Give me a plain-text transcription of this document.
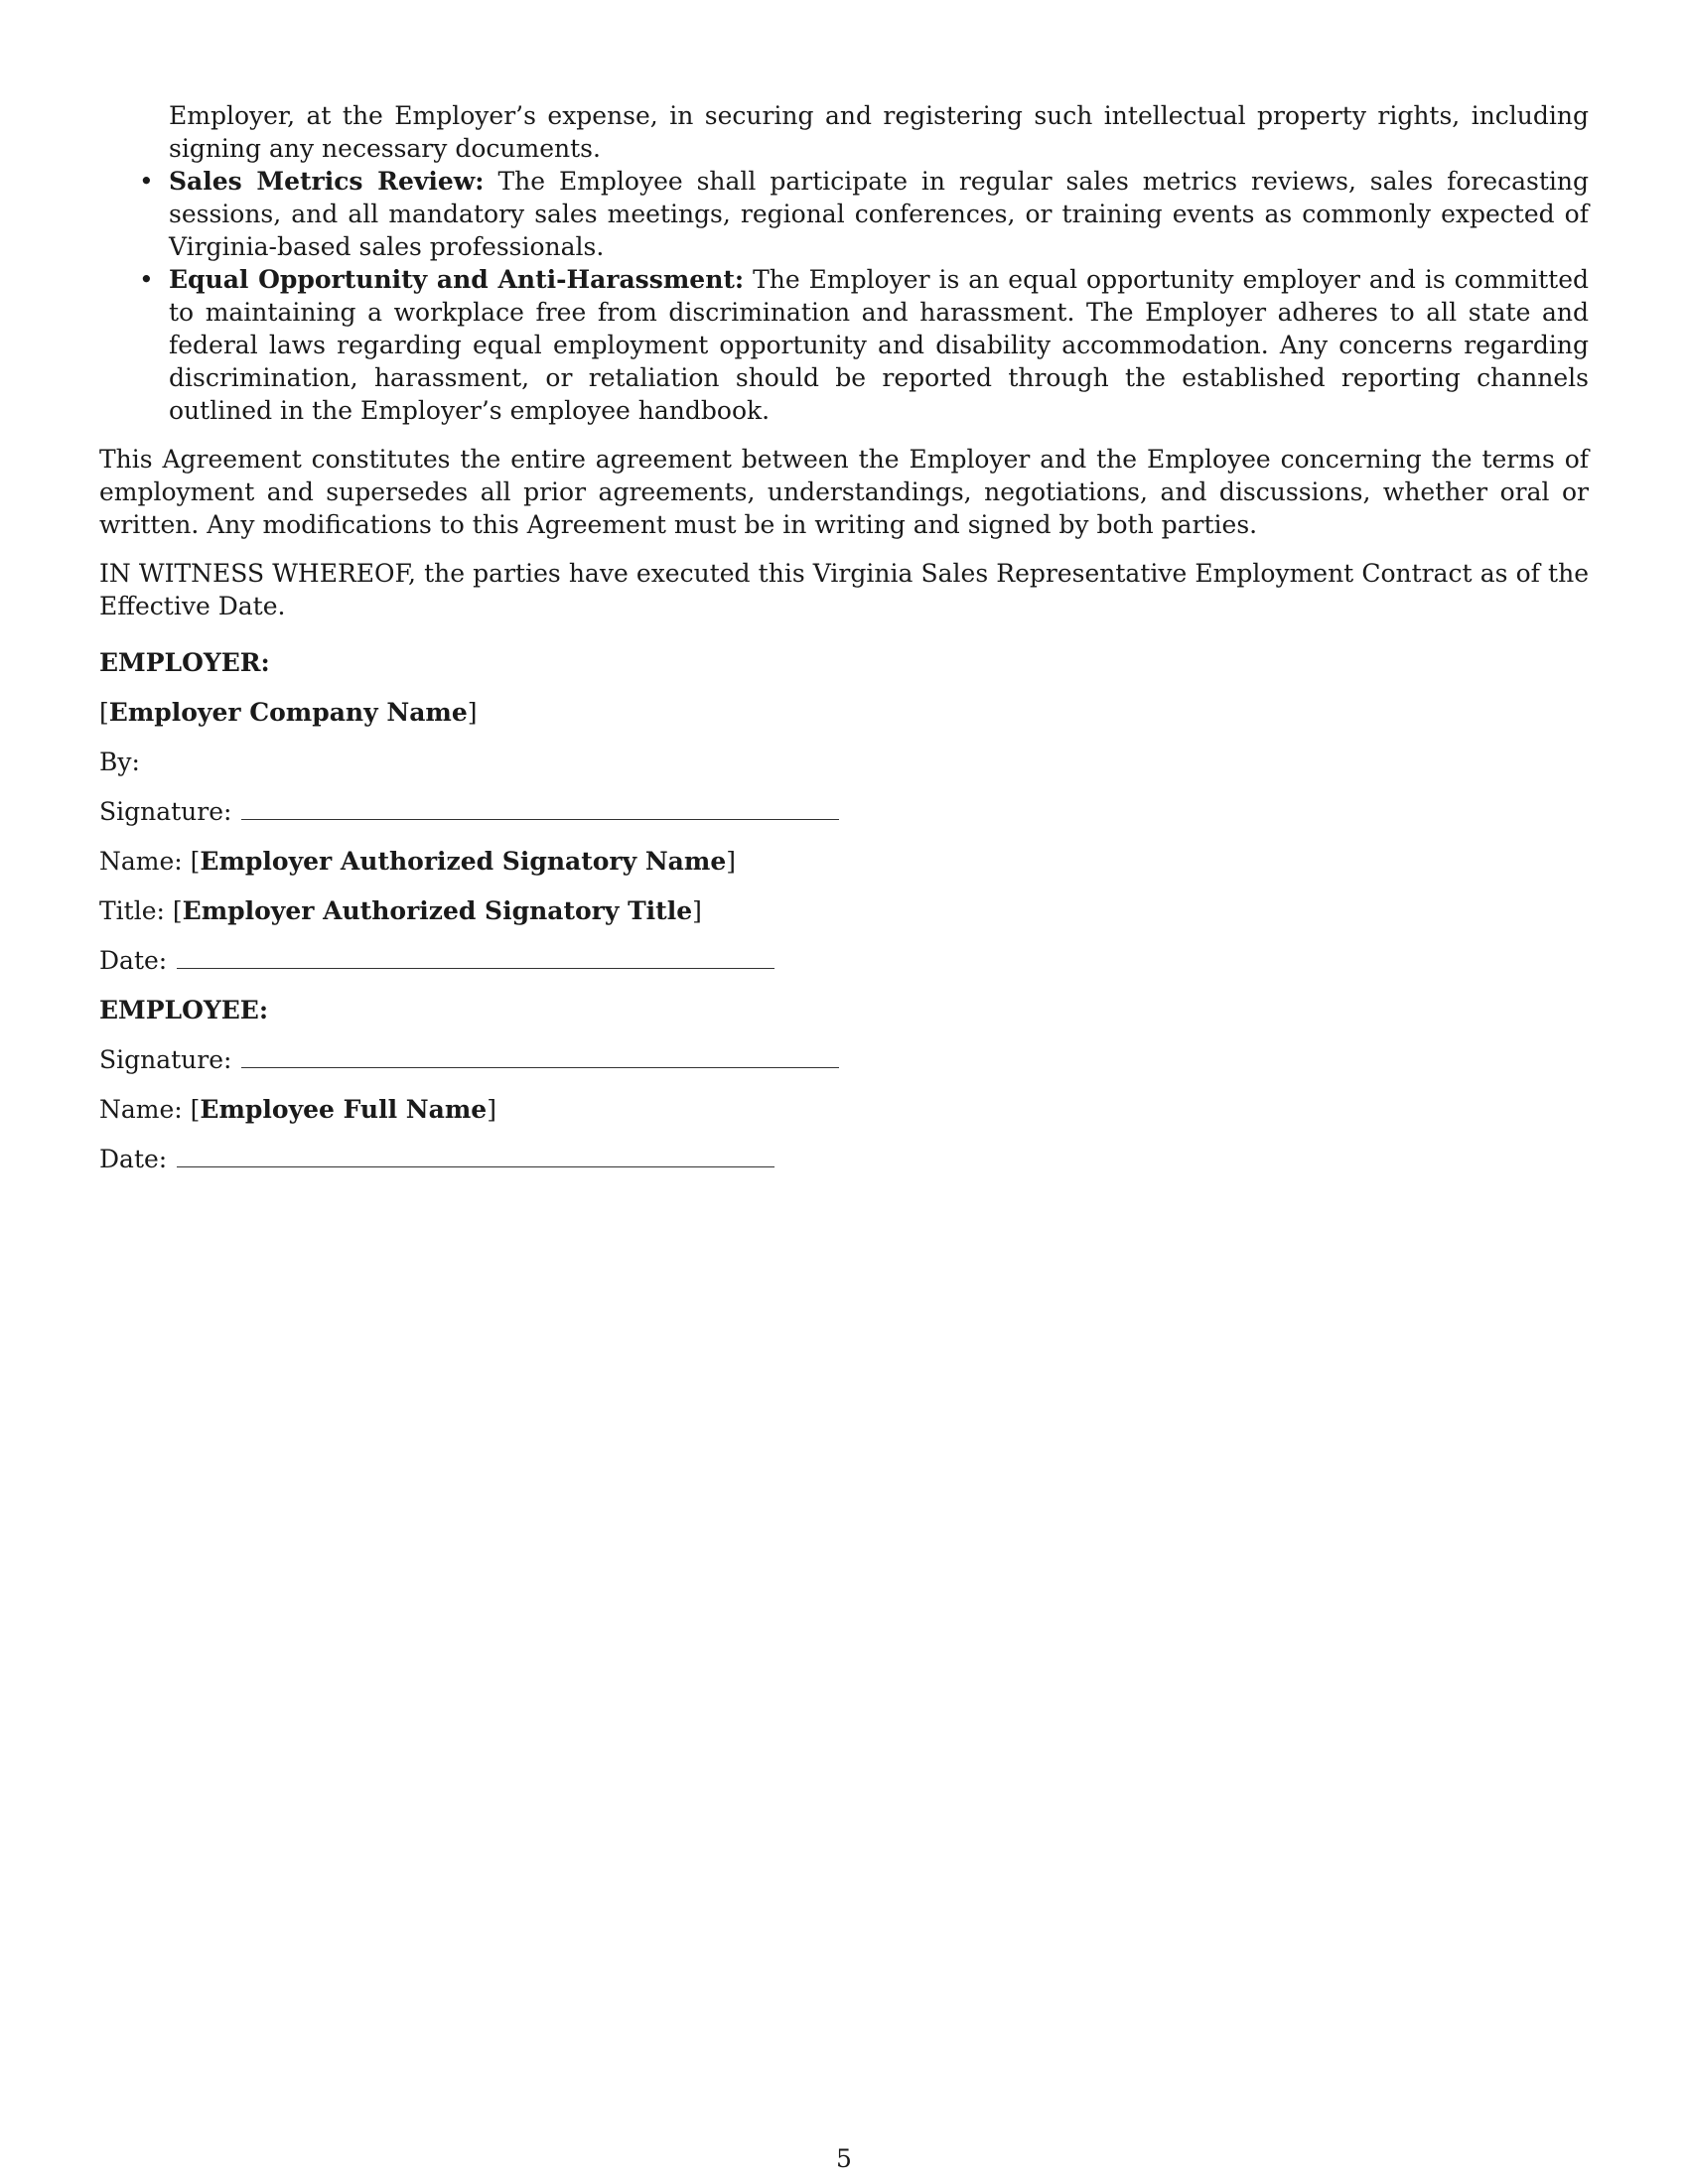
Employer, at the Employer’s expense, in securing and registering such intellectual property rights, including signing any necessary documents.

• Sales Metrics Review: The Employee shall participate in regular sales metrics reviews, sales forecasting sessions, and all mandatory sales meetings, regional conferences, or training events as commonly expected of Virginia-based sales professionals.
• Equal Opportunity and Anti-Harassment: The Employer is an equal opportunity employer and is committed to maintaining a workplace free from discrimination and harassment. The Employer adheres to all state and federal laws regarding equal employment opportunity and disability accommodation. Any concerns regarding discrimination, harassment, or retaliation should be reported through the established reporting channels outlined in the Employer’s employee handbook.

This Agreement constitutes the entire agreement between the Employer and the Employee concerning the terms of employment and supersedes all prior agreements, understandings, negotiations, and discussions, whether oral or written. Any modifications to this Agreement must be in writing and signed by both parties.

IN WITNESS WHEREOF, the parties have executed this Virginia Sales Representative Employment Contract as of the Effective Date.

EMPLOYER:

[Employer Company Name]

By:

Signature:

Name: [Employer Authorized Signatory Name]

Title: [Employer Authorized Signatory Title]

Date:

EMPLOYEE:

Signature:

Name: [Employee Full Name]

Date:

5
